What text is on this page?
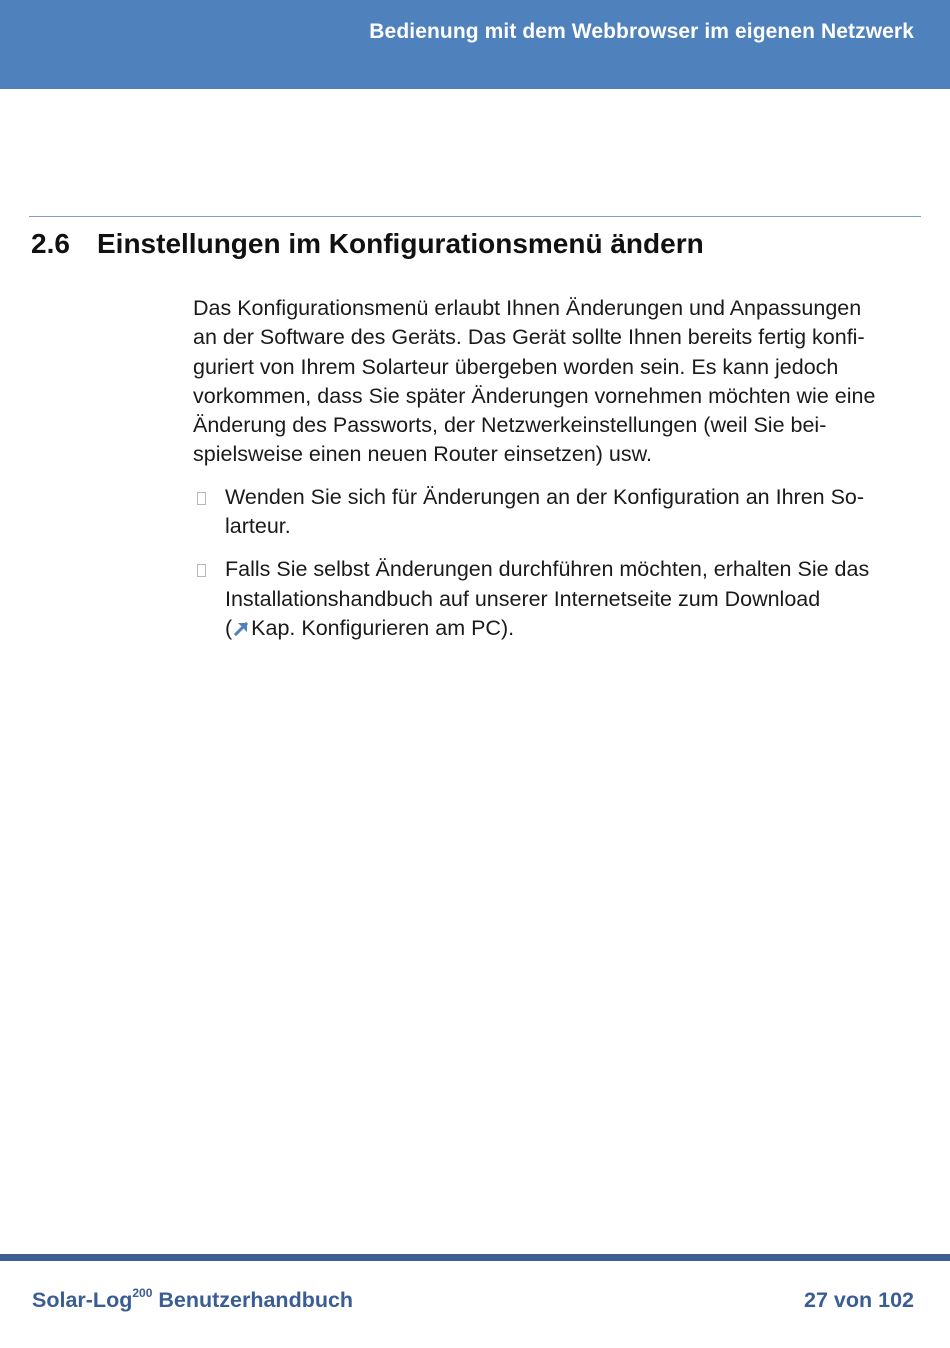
Bedienung mit dem Webbrowser im eigenen Netzwerk
2.6 Einstellungen im Konfigurationsmenü ändern

Das Konfigurationsmenü erlaubt Ihnen Änderungen und Anpassungen
an der Software des Geräts. Das Gerät sollte Ihnen bereits fertig konfi-
guriert von Ihrem Solarteur übergeben worden sein. Es kann jedoch
vorkommen, dass Sie später Änderungen vornehmen möchten wie eine
Änderung des Passworts, der Netzwerkeinstellungen (weil Sie bei-
spielsweise einen neuen Router einsetzen) usw.

Wenden Sie sich für Änderungen an der Konfiguration an Ihren So-
larteur.
Falls Sie selbst Änderungen durchführen möchten, erhalten Sie das
Installationshandbuch auf unserer Internetseite zum Download
( Kap. Konfigurieren am PC).
Solar-Log$^{200}$ Benutzerhandbuch	27 von 102
